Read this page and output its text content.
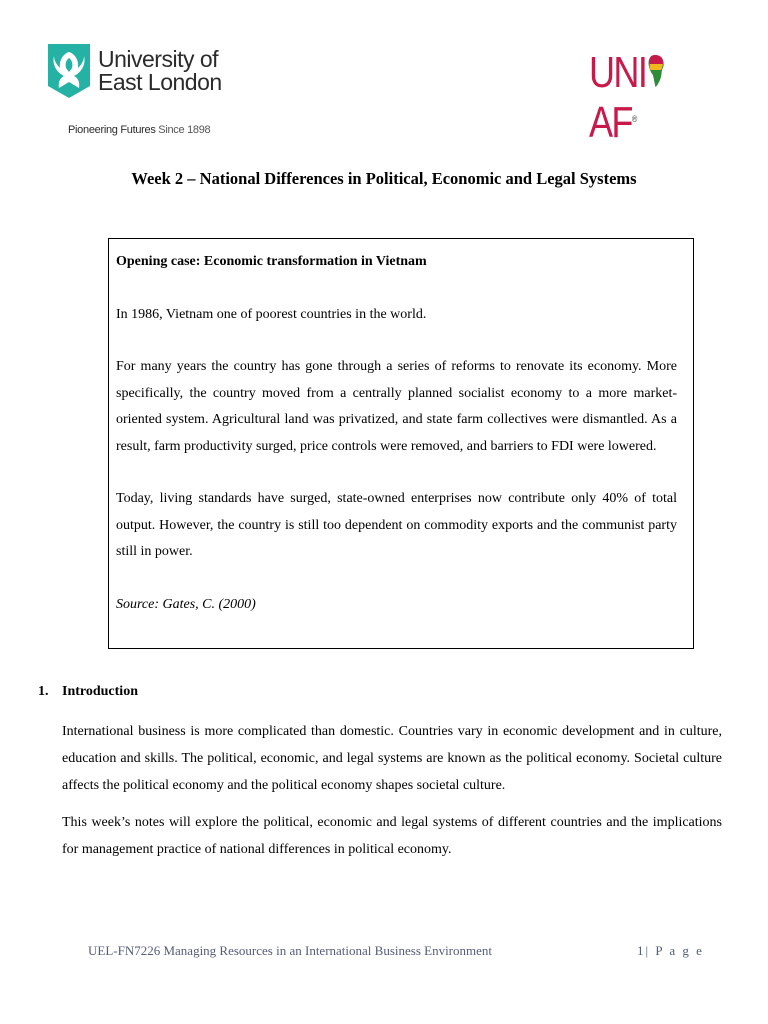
University of
East London
Pioneering Futures Since 1898
UNIAF®
Week 2 – National Differences in Political, Economic and Legal Systems

Opening case: Economic transformation in Vietnam

In 1986, Vietnam one of poorest countries in the world.

For many years the country has gone through a series of reforms to renovate its economy. More specifically, the country moved from a centrally planned socialist economy to a more market-oriented system. Agricultural land was privatized, and state farm collectives were dismantled. As a result, farm productivity surged, price controls were removed, and barriers to FDI were lowered.

Today, living standards have surged, state-owned enterprises now contribute only 40% of total output. However, the country is still too dependent on commodity exports and the communist party still in power.

Source: Gates, C. (2000)

1. Introduction
International business is more complicated than domestic. Countries vary in economic development and in culture, education and skills. The political, economic, and legal systems are known as the political economy. Societal culture affects the political economy and the political economy shapes societal culture.
This week’s notes will explore the political, economic and legal systems of different countries and the implications for management practice of national differences in political economy.
UEL-FN7226 Managing Resources in an International Business Environment	1 | P a g e
